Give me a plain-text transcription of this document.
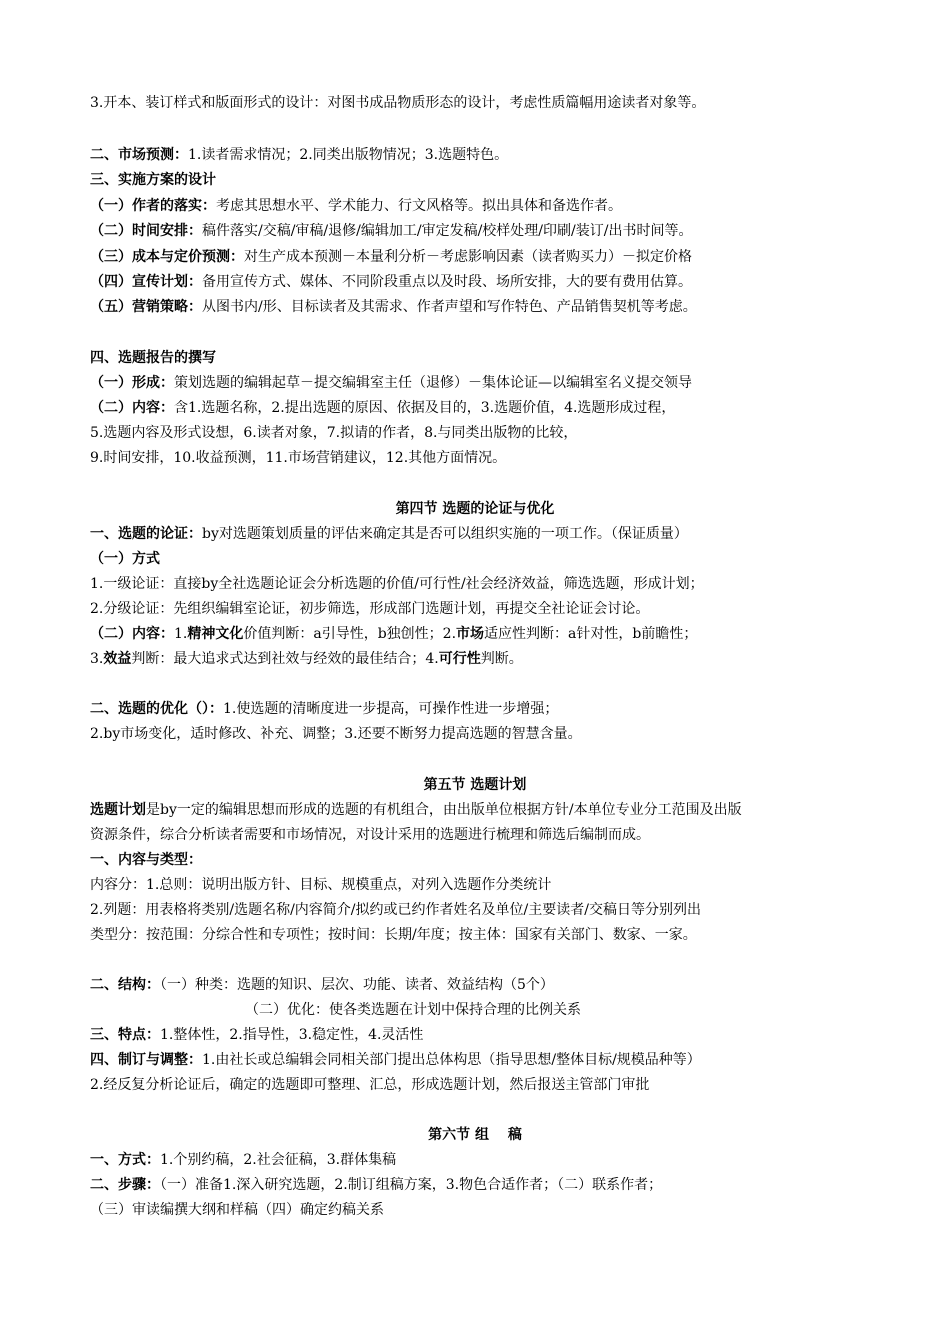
3.开本、装订样式和版面形式的设计：对图书成品物质形态的设计，考虑性质篇幅用途读者对象等。
二、市场预测：1.读者需求情况；2.同类出版物情况；3.选题特色。
三、实施方案的设计
（一）作者的落实：考虑其思想水平、学术能力、行文风格等。拟出具体和备选作者。
（二）时间安排：稿件落实/交稿/审稿/退修/编辑加工/审定发稿/校样处理/印刷/装订/出书时间等。
（三）成本与定价预测：对生产成本预测－本量利分析－考虑影响因素（读者购买力）－拟定价格
（四）宣传计划：备用宣传方式、媒体、不同阶段重点以及时段、场所安排，大的要有费用估算。
（五）营销策略：从图书内/形、目标读者及其需求、作者声望和写作特色、产品销售契机等考虑。
四、选题报告的撰写
（一）形成：策划选题的编辑起草－提交编辑室主任（退修）－集体论证—以编辑室名义提交领导
（二）内容：含1.选题名称，2.提出选题的原因、依据及目的，3.选题价值，4.选题形成过程，
5.选题内容及形式设想，6.读者对象，7.拟请的作者，8.与同类出版物的比较，
9.时间安排，10.收益预测，11.市场营销建议，12.其他方面情况。
第四节 选题的论证与优化
一、选题的论证：by对选题策划质量的评估来确定其是否可以组织实施的一项工作。（保证质量）
（一）方式
1.一级论证：直接by全社选题论证会分析选题的价值/可行性/社会经济效益，筛选选题，形成计划；
2.分级论证：先组织编辑室论证，初步筛选，形成部门选题计划，再提交全社论证会讨论。
（二）内容：1.精神文化价值判断：a引导性，b独创性；2.市场适应性判断：a针对性，b前瞻性；
3.效益判断：最大追求式达到社效与经效的最佳结合；4.可行性判断。
二、选题的优化（）：1.使选题的清晰度进一步提高，可操作性进一步增强；
2.by市场变化，适时修改、补充、调整；3.还要不断努力提高选题的智慧含量。
第五节 选题计划
选题计划是by一定的编辑思想而形成的选题的有机组合，由出版单位根据方针/本单位专业分工范围及出版
资源条件，综合分析读者需要和市场情况，对设计采用的选题进行梳理和筛选后编制而成。
一、内容与类型：
内容分：1.总则：说明出版方针、目标、规模重点，对列入选题作分类统计
2.列题：用表格将类别/选题名称/内容简介/拟约或已约作者姓名及单位/主要读者/交稿日等分别列出
类型分：按范围：分综合性和专项性；按时间：长期/年度；按主体：国家有关部门、数家、一家。
二、结构：（一）种类：选题的知识、层次、功能、读者、效益结构（5个）
（二）优化：使各类选题在计划中保持合理的比例关系
三、特点：1.整体性，2.指导性，3.稳定性，4.灵活性
四、制订与调整：1.由社长或总编辑会同相关部门提出总体构思（指导思想/整体目标/规模品种等）
2.经反复分析论证后，确定的选题即可整理、汇总，形成选题计划，然后报送主管部门审批
第六节 组　 稿
一、方式：1.个别约稿，2.社会征稿，3.群体集稿
二、步骤：（一）准备1.深入研究选题，2.制订组稿方案，3.物色合适作者；（二）联系作者；
（三）审读编撰大纲和样稿（四）确定约稿关系
